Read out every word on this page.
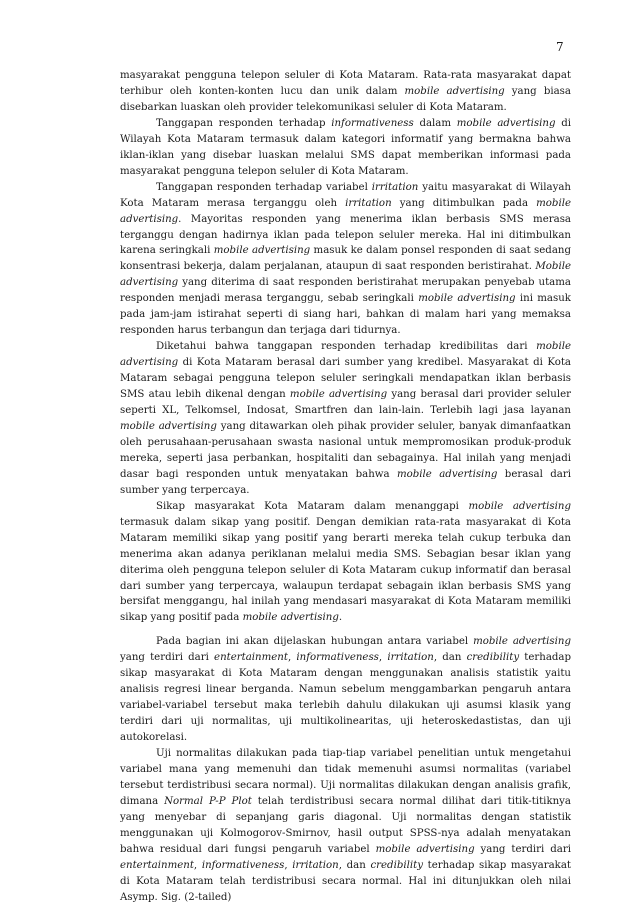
7

masyarakat pengguna telepon seluler di Kota Mataram. Rata-rata masyarakat dapat terhibur oleh konten-konten lucu dan unik dalam mobile advertising yang biasa disebarkan luaskan oleh provider telekomunikasi seluler di Kota Mataram.

Tanggapan responden terhadap informativeness dalam mobile advertising di Wilayah Kota Mataram termasuk dalam kategori informatif yang bermakna bahwa iklan-iklan yang disebar luaskan melalui SMS dapat memberikan informasi pada masyarakat pengguna telepon seluler di Kota Mataram.

Tanggapan responden terhadap variabel irritation yaitu masyarakat di Wilayah Kota Mataram merasa terganggu oleh irritation yang ditimbulkan pada mobile advertising. Mayoritas responden yang menerima iklan berbasis SMS merasa terganggu dengan hadirnya iklan pada telepon seluler mereka. Hal ini ditimbulkan karena seringkali mobile advertising masuk ke dalam ponsel responden di saat sedang konsentrasi bekerja, dalam perjalanan, ataupun di saat responden beristirahat. Mobile advertising yang diterima di saat responden beristirahat merupakan penyebab utama responden menjadi merasa terganggu, sebab seringkali mobile advertising ini masuk pada jam-jam istirahat seperti di siang hari, bahkan di malam hari yang memaksa responden harus terbangun dan terjaga dari tidurnya.

Diketahui bahwa tanggapan responden terhadap kredibilitas dari mobile advertising di Kota Mataram berasal dari sumber yang kredibel. Masyarakat di Kota Mataram sebagai pengguna telepon seluler seringkali mendapatkan iklan berbasis SMS atau lebih dikenal dengan mobile advertising yang berasal dari provider seluler seperti XL, Telkomsel, Indosat, Smartfren dan lain-lain. Terlebih lagi jasa layanan mobile advertising yang ditawarkan oleh pihak provider seluler, banyak dimanfaatkan oleh perusahaan-perusahaan swasta nasional untuk mempromosikan produk-produk mereka, seperti jasa perbankan, hospitaliti dan sebagainya. Hal inilah yang menjadi dasar bagi responden untuk menyatakan bahwa mobile advertising berasal dari sumber yang terpercaya.

Sikap masyarakat Kota Mataram dalam menanggapi mobile advertising termasuk dalam sikap yang positif. Dengan demikian rata-rata masyarakat di Kota Mataram memiliki sikap yang positif yang berarti mereka telah cukup terbuka dan menerima akan adanya periklanan melalui media SMS. Sebagian besar iklan yang diterima oleh pengguna telepon seluler di Kota Mataram cukup informatif dan berasal dari sumber yang terpercaya, walaupun terdapat sebagain iklan berbasis SMS yang bersifat menggangu, hal inilah yang mendasari masyarakat di Kota Mataram memiliki sikap yang positif pada mobile advertising.

Pada bagian ini akan dijelaskan hubungan antara variabel mobile advertising yang terdiri dari entertainment, informativeness, irritation, dan credibility terhadap sikap masyarakat di Kota Mataram dengan menggunakan analisis statistik yaitu analisis regresi linear berganda. Namun sebelum menggambarkan pengaruh antara variabel-variabel tersebut maka terlebih dahulu dilakukan uji asumsi klasik yang terdiri dari uji normalitas, uji multikolinearitas, uji heteroskedastistas, dan uji autokorelasi.

Uji normalitas dilakukan pada tiap-tiap variabel penelitian untuk mengetahui variabel mana yang memenuhi dan tidak memenuhi asumsi normalitas (variabel tersebut terdistribusi secara normal). Uji normalitas dilakukan dengan analisis grafik, dimana Normal P-P Plot telah terdistribusi secara normal dilihat dari titik-titiknya yang menyebar di sepanjang garis diagonal. Uji normalitas dengan statistik menggunakan uji Kolmogorov-Smirnov, hasil output SPSS-nya adalah menyatakan bahwa residual dari fungsi pengaruh variabel mobile advertising yang terdiri dari entertainment, informativeness, irritation, dan credibility terhadap sikap masyarakat di Kota Mataram telah terdistribusi secara normal. Hal ini ditunjukkan oleh nilai Asymp. Sig. (2-tailed)
